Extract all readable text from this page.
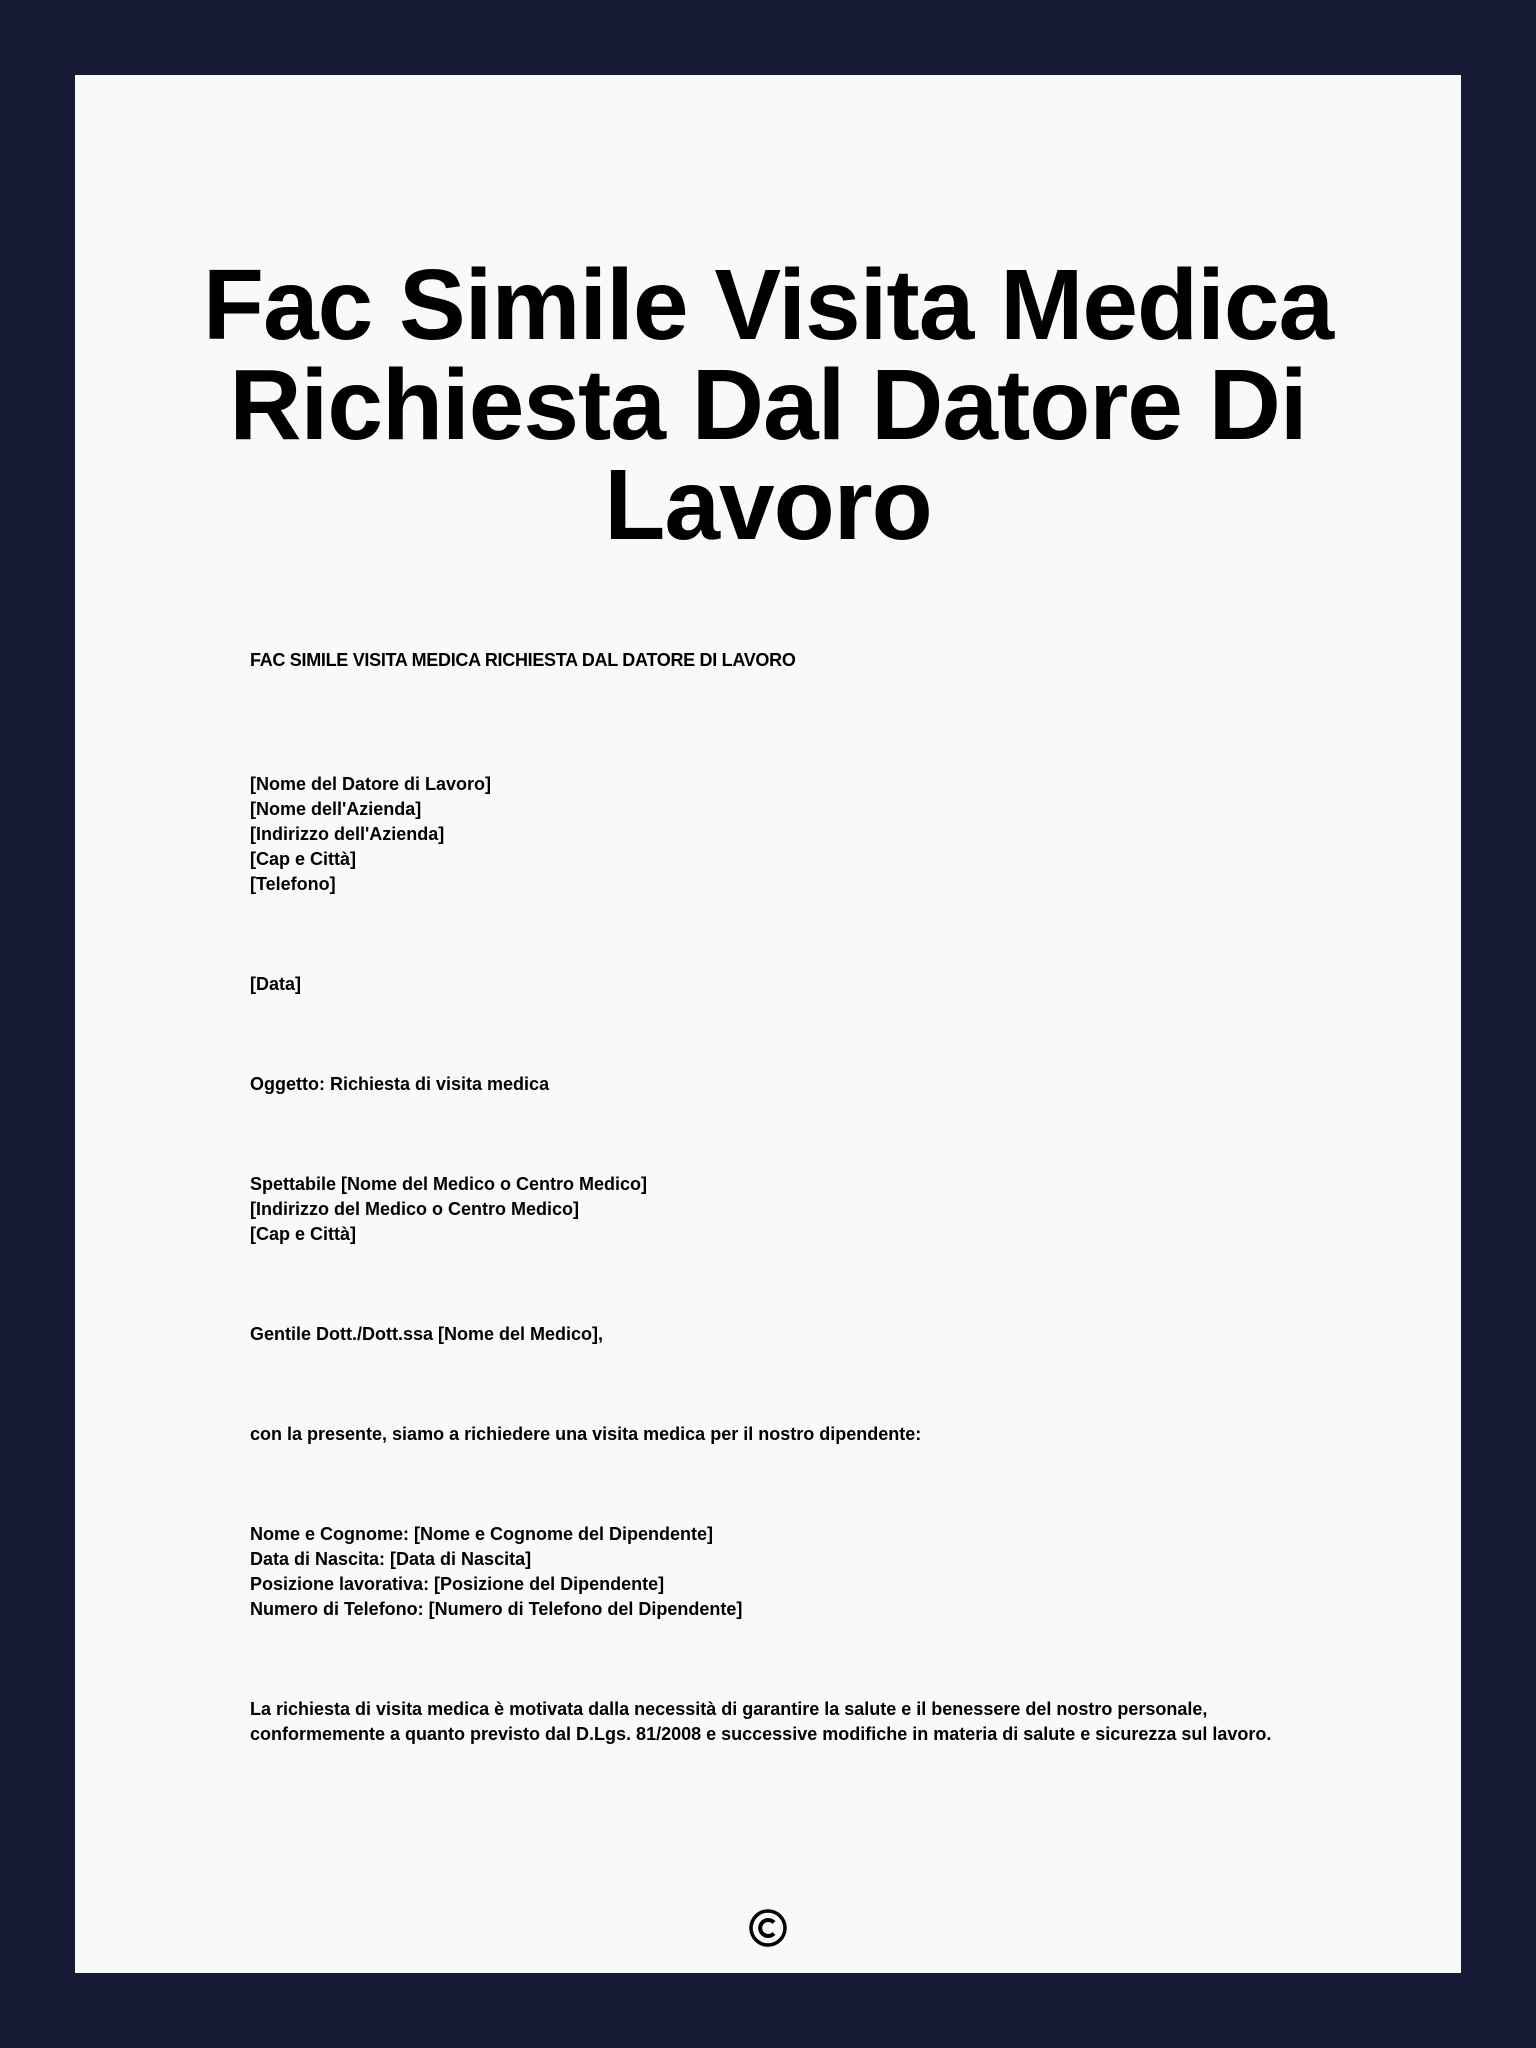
Fac Simile Visita Medica
Richiesta Dal Datore Di
Lavoro

FAC SIMILE VISITA MEDICA RICHIESTA DAL DATORE DI LAVORO

[Nome del Datore di Lavoro]
[Nome dell'Azienda]
[Indirizzo dell'Azienda]
[Cap e Città]
[Telefono]
[Data]
Oggetto: Richiesta di visita medica
Spettabile [Nome del Medico o Centro Medico]
[Indirizzo del Medico o Centro Medico]
[Cap e Città]
Gentile Dott./Dott.ssa [Nome del Medico],
con la presente, siamo a richiedere una visita medica per il nostro dipendente:
Nome e Cognome: [Nome e Cognome del Dipendente]
Data di Nascita: [Data di Nascita]
Posizione lavorativa: [Posizione del Dipendente]
Numero di Telefono: [Numero di Telefono del Dipendente]

La richiesta di visita medica è motivata dalla necessità di garantire la salute e il benessere del nostro personale, conformemente a quanto previsto dal D.Lgs. 81/2008 e successive modifiche in materia di salute e sicurezza sul lavoro.
